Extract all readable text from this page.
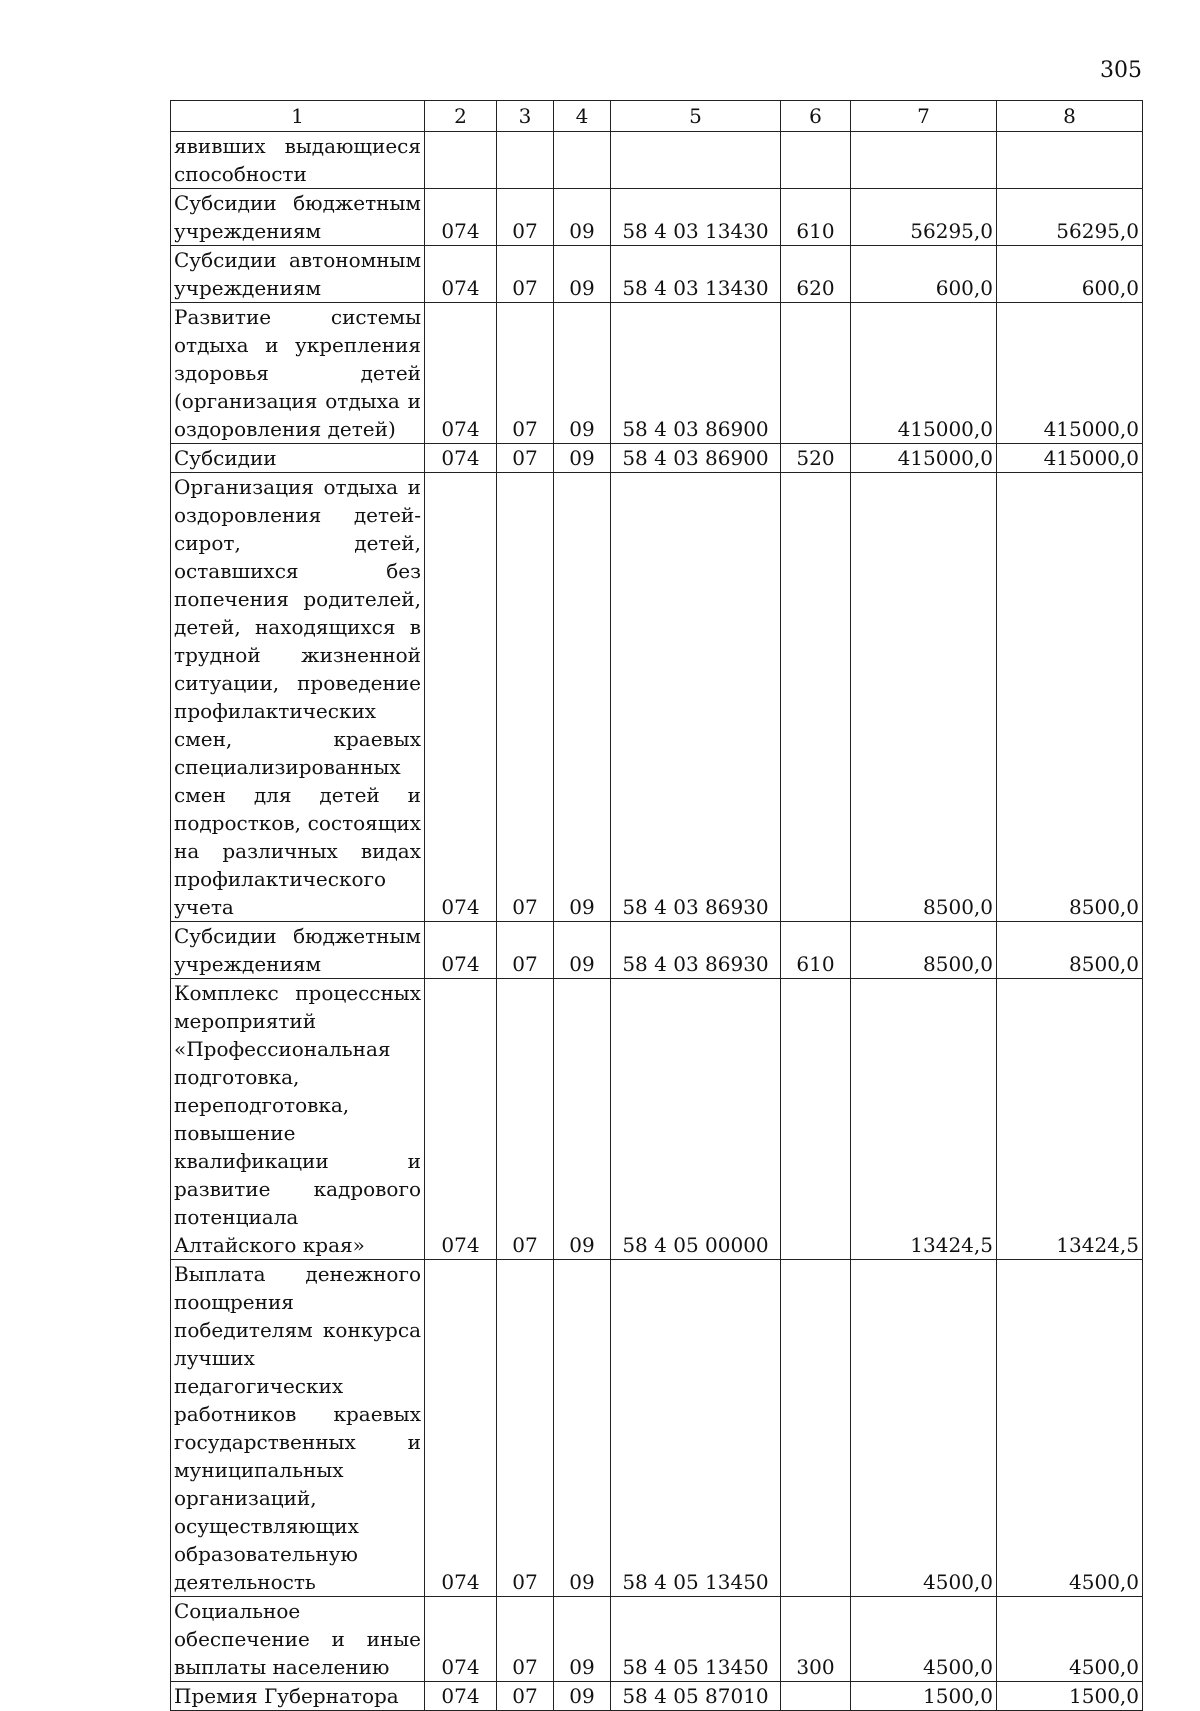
305
1	2	3	4	5	6	7	8
явивших выдающиеся способности							
Субсидии бюджетным учреждениям	074	07	09	58 4 03 13430	610	56295,0	56295,0
Субсидии автономным учреждениям	074	07	09	58 4 03 13430	620	600,0	600,0
Развитие системы отдыха и укрепления здоровья детей (организация отдыха и оздоровления детей)	074	07	09	58 4 03 86900		415000,0	415000,0
Субсидии	074	07	09	58 4 03 86900	520	415000,0	415000,0
Организация отдыха и оздоровления детей-сирот, детей, оставшихся без попечения родителей, детей, находящихся в трудной жизненной ситуации, проведение профилактических смен, краевых специализированных смен для детей и подростков, состоящих на различных видах профилактического учета	074	07	09	58 4 03 86930		8500,0	8500,0
Субсидии бюджетным учреждениям	074	07	09	58 4 03 86930	610	8500,0	8500,0
Комплекс процессных мероприятий «Профессиональная подготовка, переподготовка, повышение квалификации и развитие кадрового потенциала Алтайского края»	074	07	09	58 4 05 00000		13424,5	13424,5
Выплата денежного поощрения победителям конкурса лучших педагогических работников краевых государственных и муниципальных организаций, осуществляющих образовательную деятельность	074	07	09	58 4 05 13450		4500,0	4500,0
Социальное обеспечение и иные выплаты населению	074	07	09	58 4 05 13450	300	4500,0	4500,0
Премия Губернатора	074	07	09	58 4 05 87010		1500,0	1500,0
